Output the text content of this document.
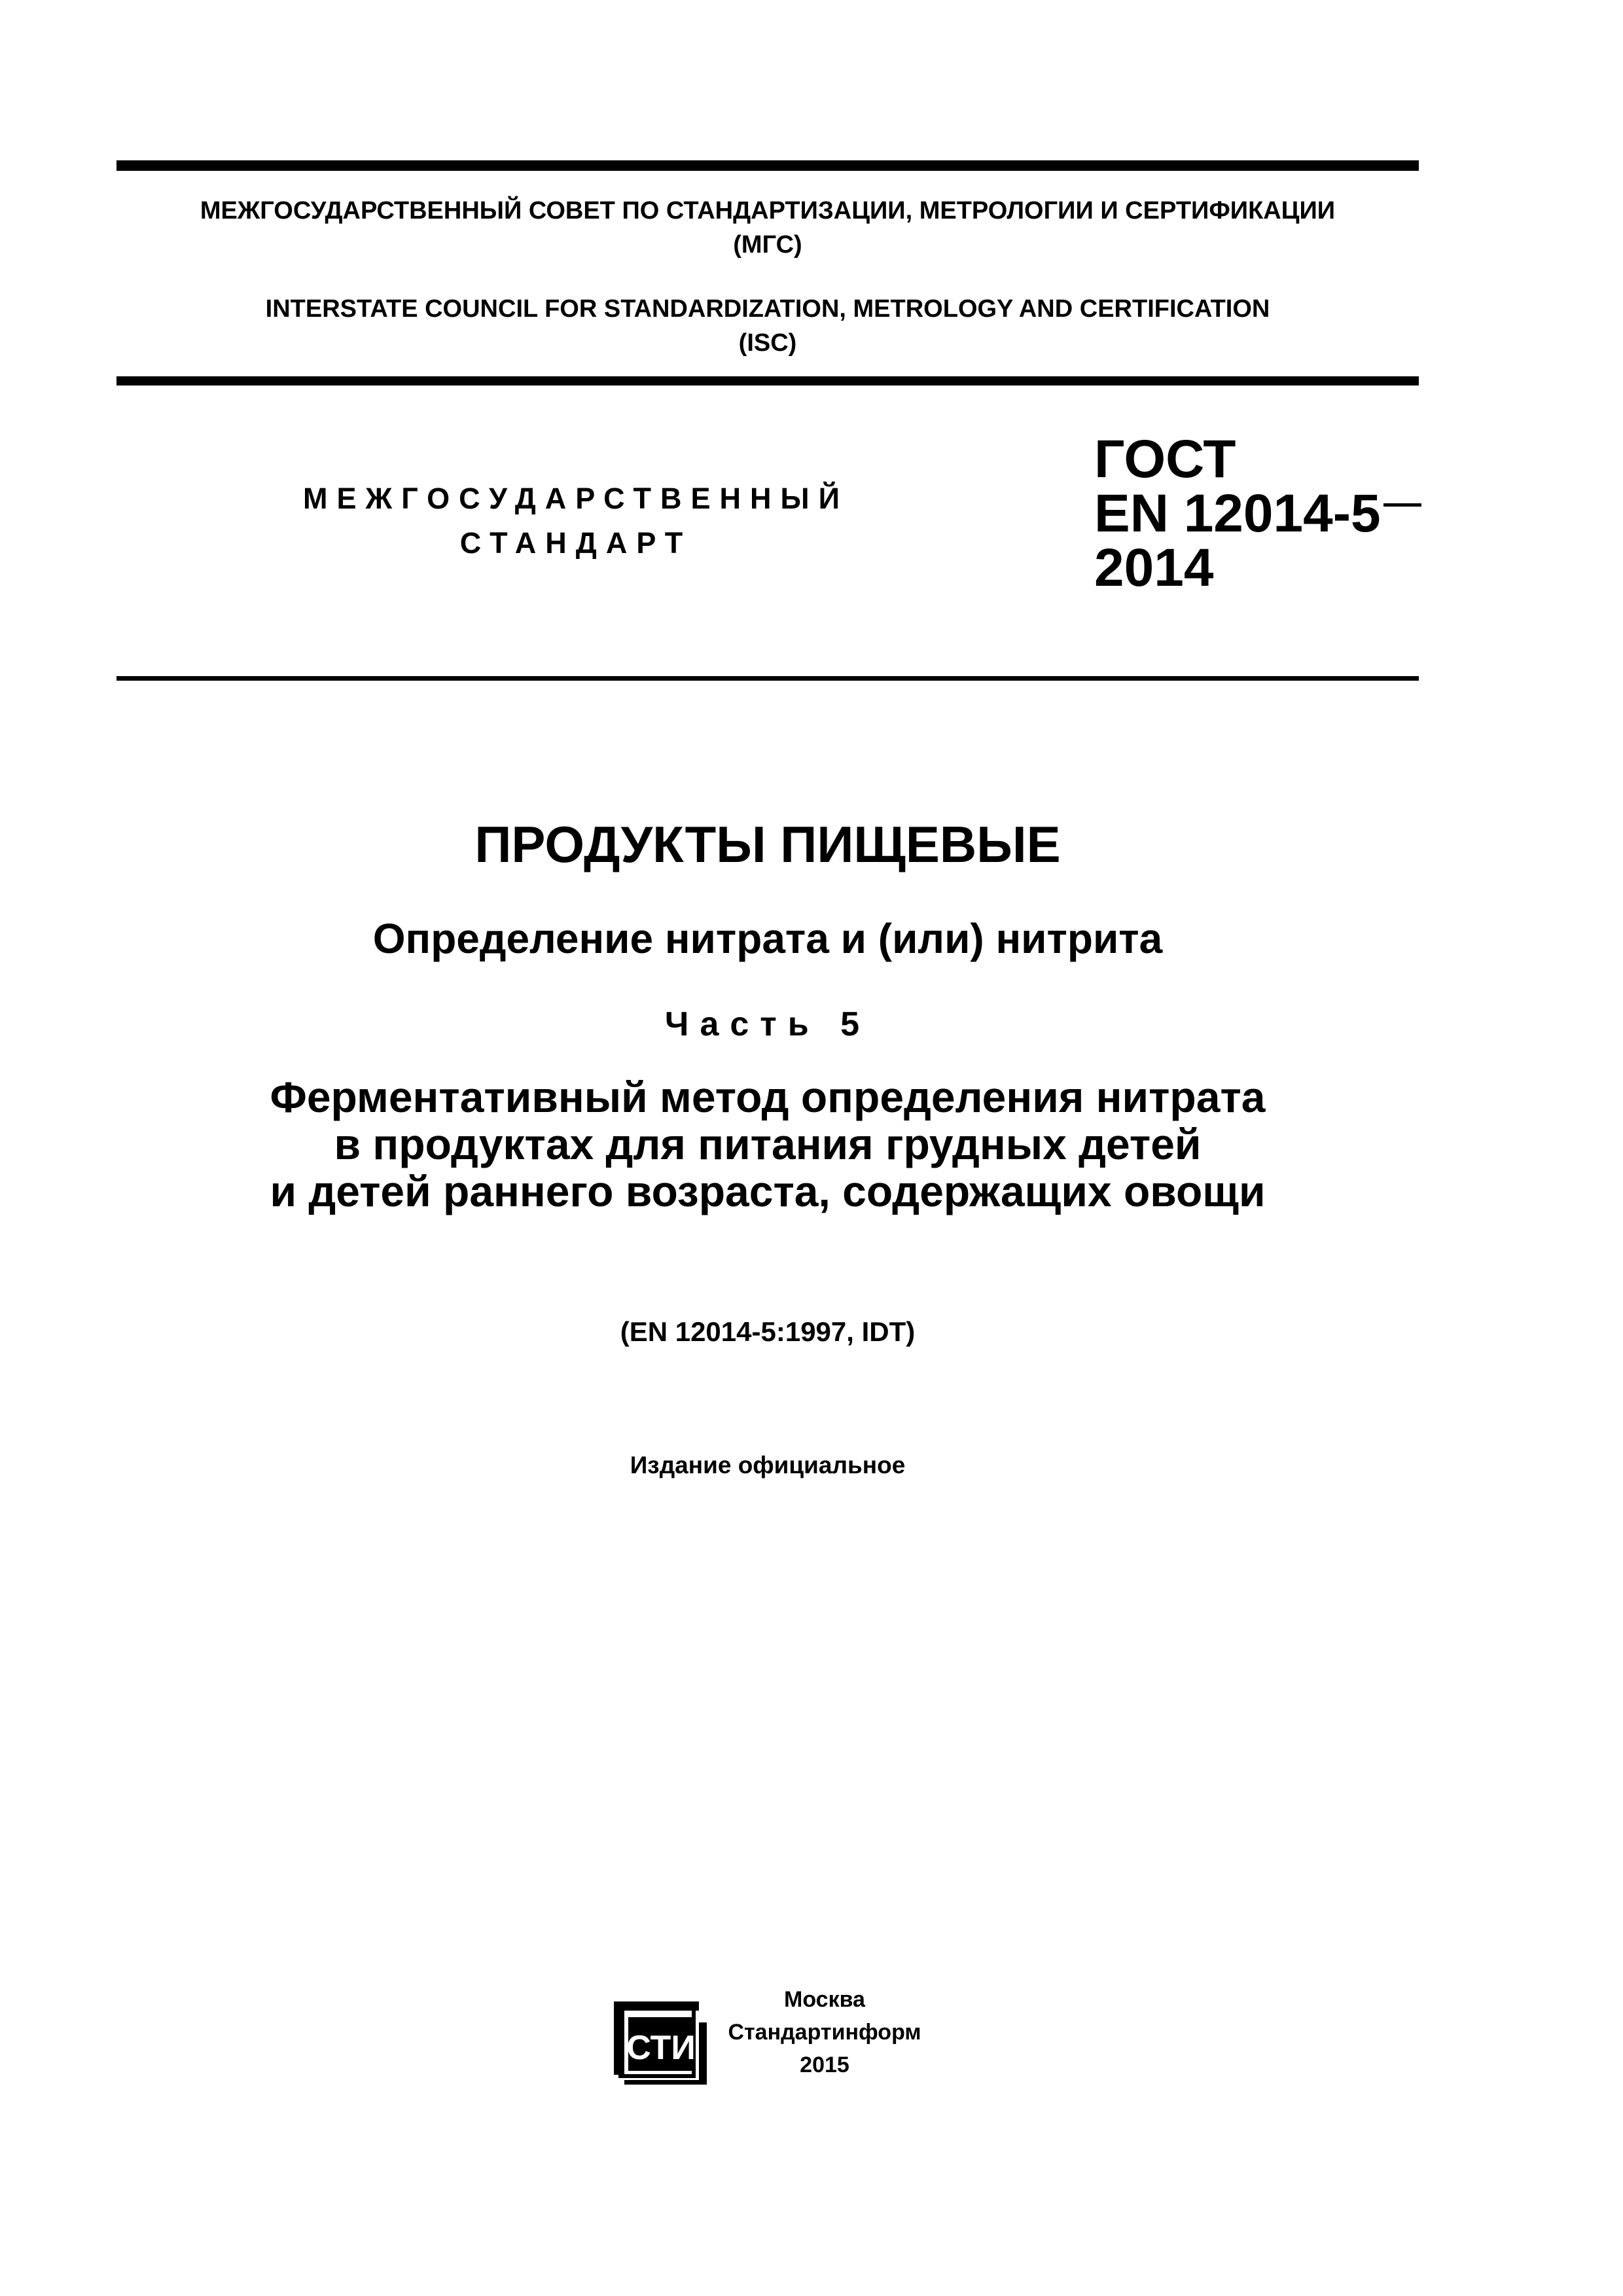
МЕЖГОСУДАРСТВЕННЫЙ СОВЕТ ПО СТАНДАРТИЗАЦИИ, МЕТРОЛОГИИ И СЕРТИФИКАЦИИ
(МГС)
INTERSTATE COUNCIL FOR STANDARDIZATION, METROLOGY AND CERTIFICATION
(ISC)
МЕЖГОСУДАРСТВЕННЫЙ
СТАНДАРТ
ГОСТ
EN 12014-5
2014
ПРОДУКТЫ ПИЩЕВЫЕ
Определение нитрата и (или) нитрита
Часть 5
Ферментативный метод определения нитрата
в продуктах для питания грудных детей
и детей раннего возраста, содержащих овощи
(EN 12014-5:1997, IDT)
Издание официальное
СТИ
Москва
Стандартинформ
2015
